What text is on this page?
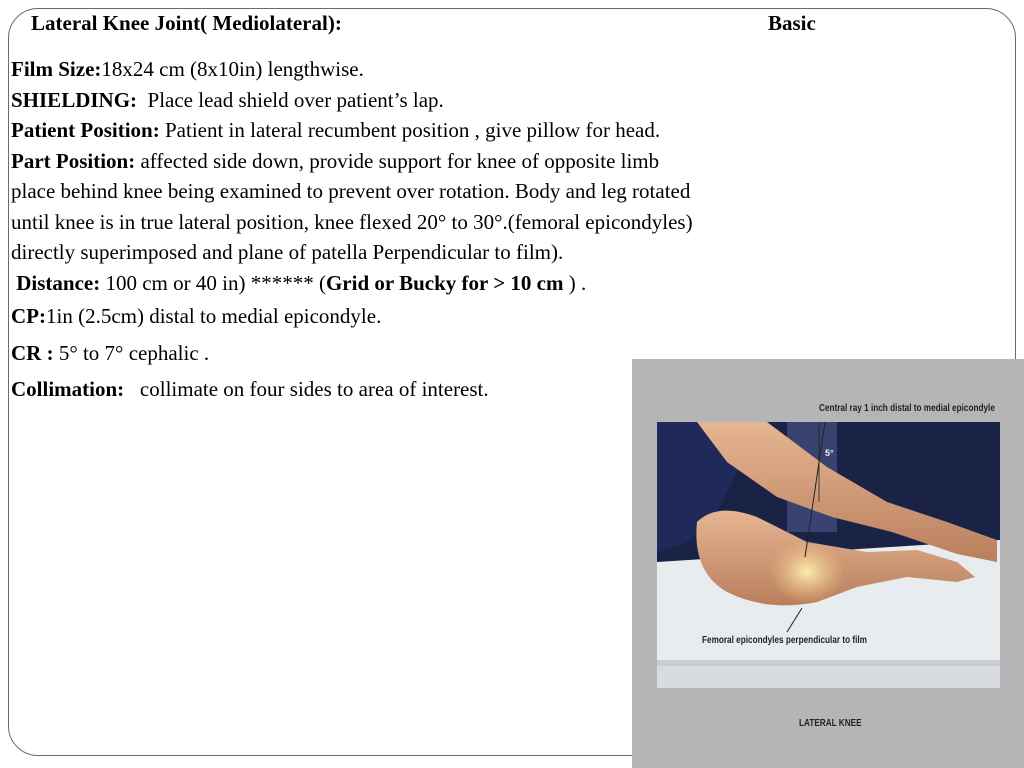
Lateral Knee Joint( Mediolateral):	Basic
Film Size:18x24 cm (8x10in) lengthwise.
SHIELDING: Place lead shield over patient’s lap.
Patient Position: Patient in lateral recumbent position , give pillow for head.
Part Position: affected side down, provide support for knee of opposite limb
place behind knee being examined to prevent over rotation. Body and leg rotated
until knee is in true lateral position, knee flexed 20° to 30°.(femoral epicondyles)
directly superimposed and plane of patella Perpendicular to film).
Distance: 100 cm or 40 in) ****** (Grid or Bucky for > 10 cm ) .
CP:1in (2.5cm) distal to medial epicondyle.
CR : 5° to 7° cephalic .
Collimation: collimate on four sides to area of interest.
Central ray 1 inch distal to medial epicondyle
5°
Femoral epicondyles perpendicular to film
LATERAL KNEE
